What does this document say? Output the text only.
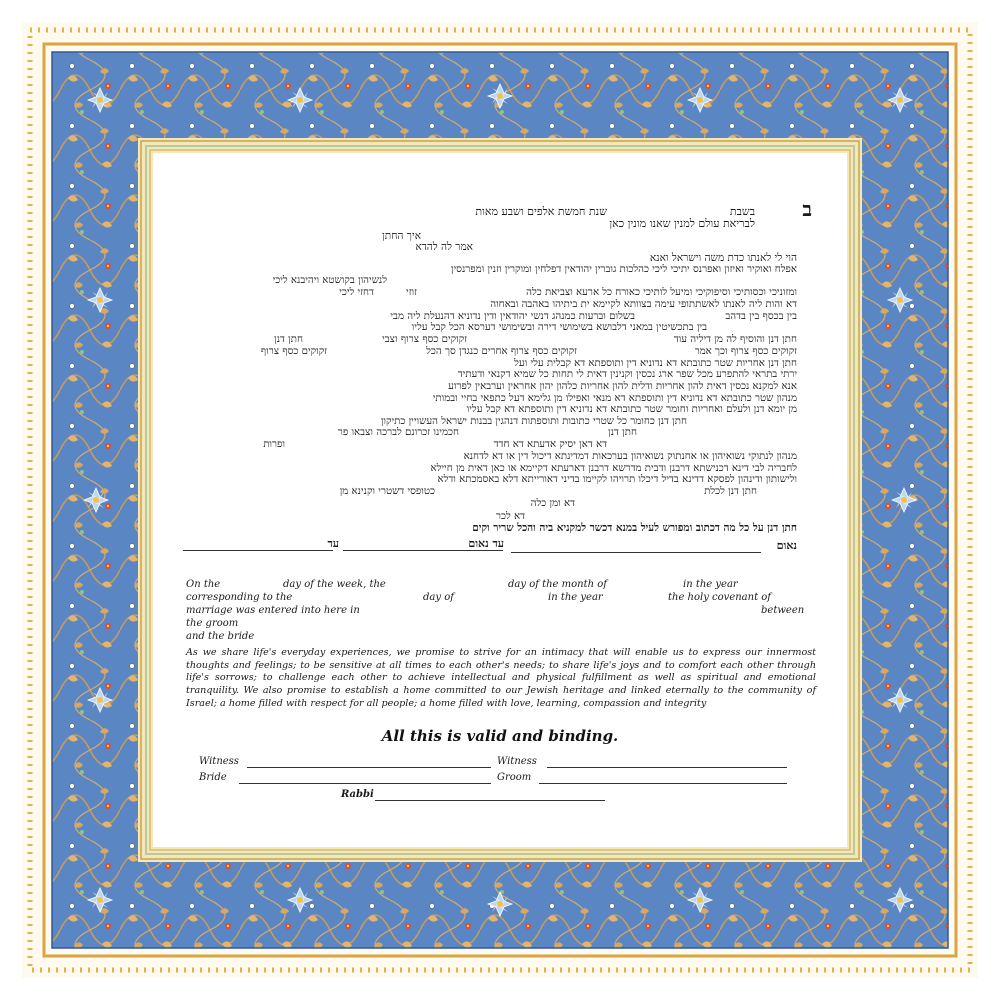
ב
בשבת
שנת חמשת אלפים ושבע מאות
לבריאת עולם למנין שאנו מונין כאן
איך החתן
אמר לה להדא
הוי לי לאנתו כדת משה וישראל ואנא
אפלח ואוקיר ואיזון ואפרנס יתיכי ליכי כהלכות גוברין יהודאין דפלחין ומוקרין וזנין ומפרנסין
לנשיהון בקושטא ויהיבנא ליכי
ומזוניכי וכסותיכי וסיפוקיכי ומיעל לותיכי כאורח כל ארעא וצביאת כלה
זוזי
דחזי ליכי
דא והות ליה לאנתו לאשתתופי עימה בצוותא לקיימא ית ביתיהו באהבה ובאחוה
בשלום וברעות כמנהג דנשי יהודאין ודין נדוניא דהנעלת ליה מבי	בין בכסף בין בדהב
בין בתכשיטין במאני דלבושא בשימושי דירה ובשימושי דערסא הכל קבל עליו
חתן דנן	זקוקים כסף צרוף וצבי	חתן דנן והוסיף לה מן דיליה עוד
זקוקים כסף צרוף	זקוקים כסף צרוף אחרים כנגדן סך הכל	זקוקים כסף צרוף וכך אמר
חתן דנן אחריות שטר כתובתא דא נדוניא דין ותוספתא דא קבלית עלי ועל
ירתי בתראי להתפרע מכל שפר ארג נכסין וקנינין דאית לי תחות כל שמיא דקנאי ודעתיד
אנא למקנא נכסין דאית להון אחריות ודלית להון אחריות כלהון יהון אחראין וערבאין לפרוע
מנהון שטר כתובתא דא נדוניא דין ותוספתא דא מנאי ואפילו מן גלימא דעל כתפאי בחיי ובמותי
מן יומא דנן ולעלם ואחריות וחומר שטר כתובתא דא נדוניא דין ותוספתא דא קבל עליו
חתן דנן כחומר כל שטרי כתובות ותוספתות דנהגין בבנות ישראל העשויין כתיקון
חכמינו זכרונם לברכה וצבאו פר	חתן דנן
ופרות	דא דאן יסיק אדעתא דא חדד
מנהון לנתוקי נשואיהון או אחנתוק נשואיהון בערכאות דמדינתא דיכול דין או דא לדחנא
לחבריה לבי דינא דכנישתא דרבנן ודבית מדרשא דרבנן דארעתא דקיימא או כאן דאית מן חיילא
ולישותון ודינהון לפסקא דדינא בדיל דיכלו תרויהו לקיימו בדיני דאורייתא דלא באסמכתא ודלא
כטופסי דשטרי וקנינא מן	חתן דנן לכלת
דא ומן כלה
דא לכר
חתן דנן על כל מה דכתוב ומפורש לעיל במנא דכשר למקניא ביה והכל שריר וקים
נאום
עד נאום
עד
On the	day of the week, the	day of the month of	in the year
corresponding to the	day of	in the year	the holy covenant of
marriage was entered into here in	between
the groom
and the bride
As we share life's everyday experiences, we promise to strive for an intimacy that will enable us to express our innermost thoughts and feelings; to be sensitive at all times to each other's needs; to share life's joys and to comfort each other through life's sorrows; to challenge each other to achieve intellectual and physical fulfillment as well as spiritual and emotional tranquility. We also promise to establish a home committed to our Jewish heritage and linked eternally to the community of Israel; a home filled with respect for all people; a home filled with love, learning, compassion and integrity
All this is valid and binding.
Witness	Witness
Bride	Groom
Rabbi
